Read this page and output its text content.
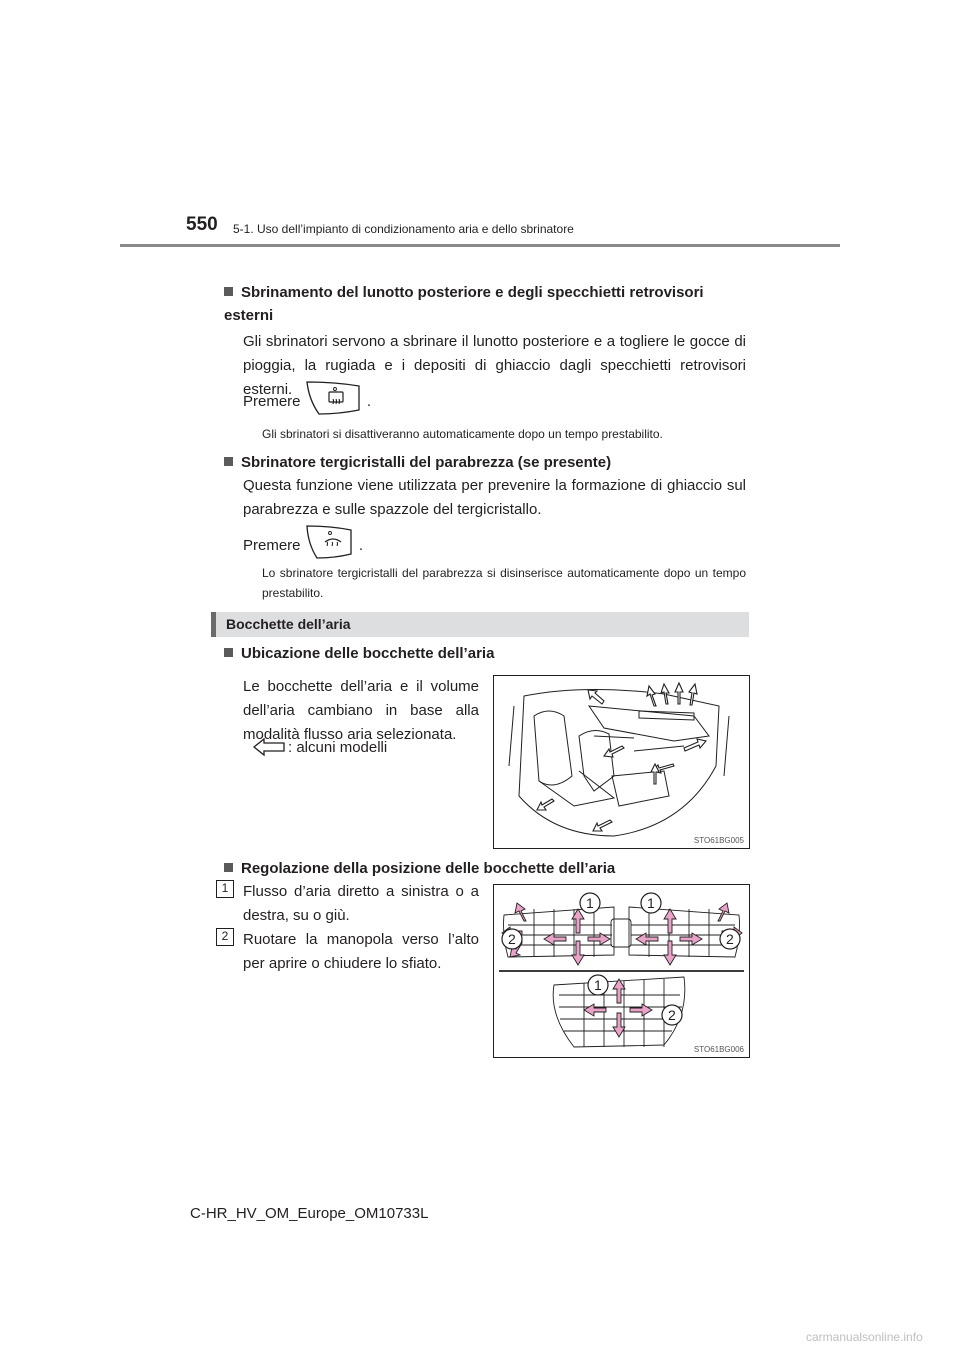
550 5-1. Uso dell’impianto di condizionamento aria e dello sbrinatore
Sbrinamento del lunotto posteriore e degli specchietti retrovisori esterni
Gli sbrinatori servono a sbrinare il lunotto posteriore e a togliere le gocce di pioggia, la rugiada e i depositi di ghiaccio dagli specchietti retrovisori esterni.
Premere	.
Gli sbrinatori si disattiveranno automaticamente dopo un tempo prestabilito.
Sbrinatore tergicristalli del parabrezza (se presente)
Questa funzione viene utilizzata per prevenire la formazione di ghiaccio sul parabrezza e sulle spazzole del tergicristallo.
Premere	.
Lo sbrinatore tergicristalli del parabrezza si disinserisce automaticamente dopo un tempo prestabilito.
Bocchette dell’aria
Ubicazione delle bocchette dell’aria
Le bocchette dell’aria e il volume dell’aria cambiano in base alla modalità flusso aria selezionata.
: alcuni modelli
STO61BG005
Regolazione della posizione delle bocchette dell’aria
1 Flusso d’aria diretto a sinistra o a destra, su o giù.
2 Ruotare la manopola verso l’alto per aprire o chiudere lo sfiato.
1	1
2	2
1
2
STO61BG006
C-HR_HV_OM_Europe_OM10733L
carmanualsonline.info
